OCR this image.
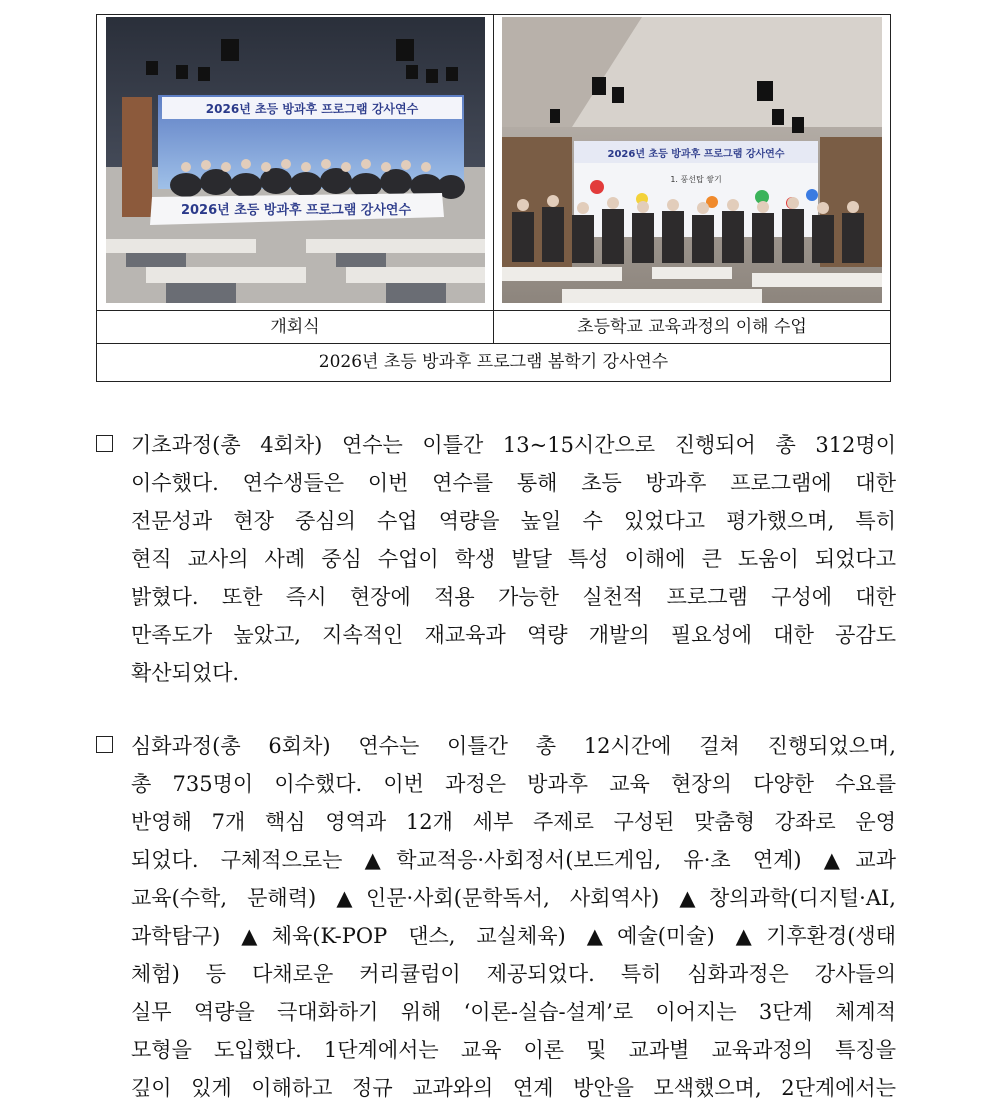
2026년 초등 방과후 프로그램 강사연수
2026년 초등 방과후 프로그램 강사연수
2026년 초등 방과후 프로그램 강사연수
1. 풍선탑 쌓기
개회식	초등학교 교육과정의 이해 수업
2026년 초등 방과후 프로그램 봄학기 강사연수
기초과정(총 4회차) 연수는 이틀간 13~15시간으로 진행되어 총 312명이
이수했다. 연수생들은 이번 연수를 통해 초등 방과후 프로그램에 대한
전문성과 현장 중심의 수업 역량을 높일 수 있었다고 평가했으며, 특히
현직 교사의 사례 중심 수업이 학생 발달 특성 이해에 큰 도움이 되었다고
밝혔다. 또한 즉시 현장에 적용 가능한 실천적 프로그램 구성에 대한
만족도가 높았고, 지속적인 재교육과 역량 개발의 필요성에 대한 공감도
확산되었다.
심화과정(총 6회차) 연수는 이틀간 총 12시간에 걸쳐 진행되었으며,
총 735명이 이수했다. 이번 과정은 방과후 교육 현장의 다양한 수요를
반영해 7개 핵심 영역과 12개 세부 주제로 구성된 맞춤형 강좌로 운영
되었다. 구체적으로는 ▲학교적응·사회정서(보드게임, 유·초 연계) ▲교과
교육(수학, 문해력) ▲인문·사회(문학독서, 사회역사) ▲창의과학(디지털·AI,
과학탐구) ▲체육(K-POP 댄스, 교실체육) ▲예술(미술) ▲기후환경(생태
체험) 등 다채로운 커리큘럼이 제공되었다. 특히 심화과정은 강사들의
실무 역량을 극대화하기 위해 ‘이론-실습-설계’로 이어지는 3단계 체계적
모형을 도입했다. 1단계에서는 교육 이론 및 교과별 교육과정의 특징을
깊이 있게 이해하고 정규 교과와의 연계 방안을 모색했으며, 2단계에서는
